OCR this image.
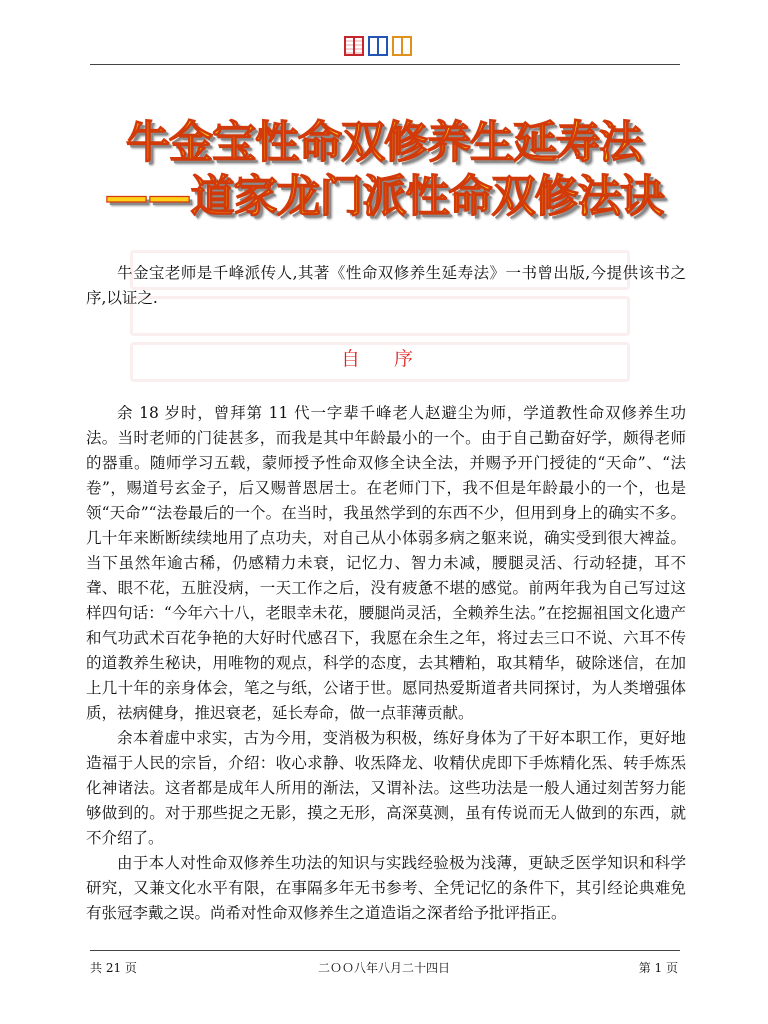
牛金宝性命双修养生延寿法
——道家龙门派性命双修法诀

牛金宝老师是千峰派传人,其著《性命双修养生延寿法》一书曾出版,今提供该书之序,以证之.

自 序

余 18 岁时，曾拜第 11 代一字辈千峰老人赵避尘为师，学道教性命双修养生功法。当时老师的门徒甚多，而我是其中年龄最小的一个。由于自己勤奋好学，颇得老师的器重。随师学习五载，蒙师授予性命双修全诀全法，并赐予开门授徒的“天命”、“法卷”，赐道号玄金子，后又赐普恩居士。在老师门下，我不但是年龄最小的一个，也是领“天命”“法卷最后的一个。在当时，我虽然学到的东西不少，但用到身上的确实不多。几十年来断断续续地用了点功夫，对自己从小体弱多病之躯来说，确实受到很大裨益。当下虽然年逾古稀，仍感精力未衰，记忆力、智力未减，腰腿灵活、行动轻捷，耳不聋、眼不花，五脏没病，一天工作之后，没有疲惫不堪的感觉。前两年我为自己写过这样四句话：“今年六十八，老眼幸未花，腰腿尚灵活，全赖养生法。”在挖掘祖国文化遗产和气功武术百花争艳的大好时代感召下，我愿在余生之年，将过去三口不说、六耳不传的道教养生秘诀，用唯物的观点，科学的态度，去其糟粕，取其精华，破除迷信，在加上几十年的亲身体会，笔之与纸，公诸于世。愿同热爱斯道者共同探讨，为人类增强体质，祛病健身，推迟衰老，延长寿命，做一点菲薄贡献。

余本着虚中求实，古为今用，变消极为积极，练好身体为了干好本职工作，更好地造福于人民的宗旨，介绍：收心求静、收炁降龙、收精伏虎即下手炼精化炁、转手炼炁化神诸法。这者都是成年人所用的渐法，又谓补法。这些功法是一般人通过刻苦努力能够做到的。对于那些捉之无影，摸之无形，高深莫测，虽有传说而无人做到的东西，就不介绍了。

由于本人对性命双修养生功法的知识与实践经验极为浅薄，更缺乏医学知识和科学研究，又兼文化水平有限，在事隔多年无书参考、全凭记忆的条件下，其引经论典难免有张冠李戴之误。尚希对性命双修养生之道造诣之深者给予批评指正。

共 21 页	二ＯＯ八年八月二十四日	第 1 页
